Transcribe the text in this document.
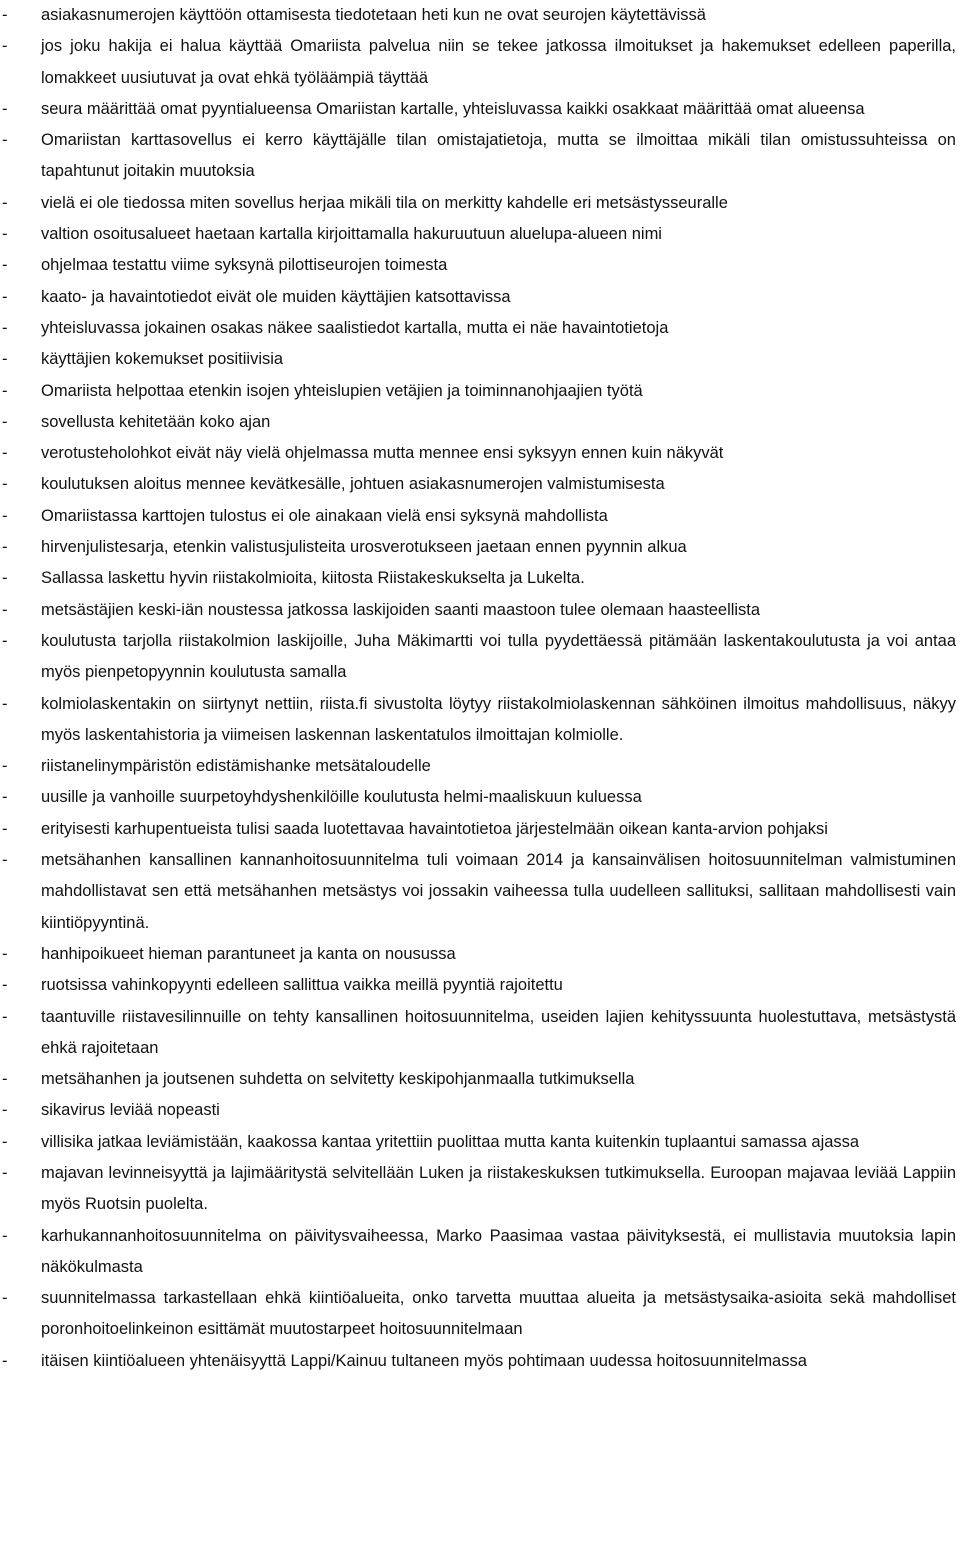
- asiakasnumerojen käyttöön ottamisesta tiedotetaan heti kun ne ovat seurojen käytettävissä
- jos joku hakija ei halua käyttää Omariista palvelua niin se tekee jatkossa ilmoitukset ja hakemukset edelleen paperilla, lomakkeet uusiutuvat ja ovat ehkä työläämpiä täyttää
- seura määrittää omat pyyntialueensa Omariistan kartalle, yhteisluvassa kaikki osakkaat määrittää omat alueensa
- Omariistan karttasovellus ei kerro käyttäjälle tilan omistajatietoja, mutta se ilmoittaa mikäli tilan omistussuhteissa on tapahtunut joitakin muutoksia
- vielä ei ole tiedossa miten sovellus herjaa mikäli tila on merkitty kahdelle eri metsästysseuralle
- valtion osoitusalueet haetaan kartalla kirjoittamalla hakuruutuun aluelupa-alueen nimi
- ohjelmaa testattu viime syksynä pilottiseurojen toimesta
- kaato- ja havaintotiedot eivät ole muiden käyttäjien katsottavissa
- yhteisluvassa jokainen osakas näkee saalistiedot kartalla, mutta ei näe havaintotietoja
- käyttäjien kokemukset positiivisia
- Omariista helpottaa etenkin isojen yhteislupien vetäjien ja toiminnanohjaajien työtä
- sovellusta kehitetään koko ajan
- verotusteholohkot eivät näy vielä ohjelmassa mutta mennee ensi syksyyn ennen kuin näkyvät
- koulutuksen aloitus mennee kevätkesälle, johtuen asiakasnumerojen valmistumisesta
- Omariistassa karttojen tulostus ei ole ainakaan vielä ensi syksynä mahdollista
- hirvenjulistesarja, etenkin valistusjulisteita urosverotukseen jaetaan ennen pyynnin alkua
- Sallassa laskettu hyvin riistakolmioita, kiitosta Riistakeskukselta ja Lukelta.
- metsästäjien keski-iän noustessa jatkossa laskijoiden saanti maastoon tulee olemaan haasteellista
- koulutusta tarjolla riistakolmion laskijoille, Juha Mäkimartti voi tulla pyydettäessä pitämään laskentakoulutusta ja voi antaa myös pienpetopyynnin koulutusta samalla
- kolmiolaskentakin on siirtynyt nettiin, riista.fi sivustolta löytyy riistakolmiolaskennan sähköinen ilmoitus mahdollisuus, näkyy myös laskentahistoria ja viimeisen laskennan laskentatulos ilmoittajan kolmiolle.
- riistanelinympäristön edistämishanke metsätaloudelle
- uusille ja vanhoille suurpetoyhdyshenkilöille koulutusta helmi-maaliskuun kuluessa
- erityisesti karhupentueista tulisi saada luotettavaa havaintotietoa järjestelmään oikean kanta-arvion pohjaksi
- metsähanhen kansallinen kannanhoitosuunnitelma tuli voimaan 2014 ja kansainvälisen hoitosuunnitelman valmistuminen mahdollistavat sen että metsähanhen metsästys voi jossakin vaiheessa tulla uudelleen sallituksi, sallitaan mahdollisesti vain kiintiöpyyntinä.
- hanhipoikueet hieman parantuneet ja kanta on nousussa
- ruotsissa vahinkopyynti edelleen sallittua vaikka meillä pyyntiä rajoitettu
- taantuville riistavesilinnuille on tehty kansallinen hoitosuunnitelma, useiden lajien kehityssuunta huolestuttava, metsästystä ehkä rajoitetaan
- metsähanhen ja joutsenen suhdetta on selvitetty keskipohjanmaalla tutkimuksella
- sikavirus leviää nopeasti
- villisika jatkaa leviämistään, kaakossa kantaa yritettiin puolittaa mutta kanta kuitenkin tuplaantui samassa ajassa
- majavan levinneisyyttä ja lajimääritystä selvitellään Luken ja riistakeskuksen tutkimuksella. Euroopan majavaa leviää Lappiin myös Ruotsin puolelta.
- karhukannanhoitosuunnitelma on päivitysvaiheessa, Marko Paasimaa vastaa päivityksestä, ei mullistavia muutoksia lapin näkökulmasta
- suunnitelmassa tarkastellaan ehkä kiintiöalueita, onko tarvetta muuttaa alueita ja metsästysaika-asioita sekä mahdolliset poronhoitoelinkeinon esittämät muutostarpeet hoitosuunnitelmaan
- itäisen kiintiöalueen yhtenäisyyttä Lappi/Kainuu tultaneen myös pohtimaan uudessa hoitosuunnitelmassa
